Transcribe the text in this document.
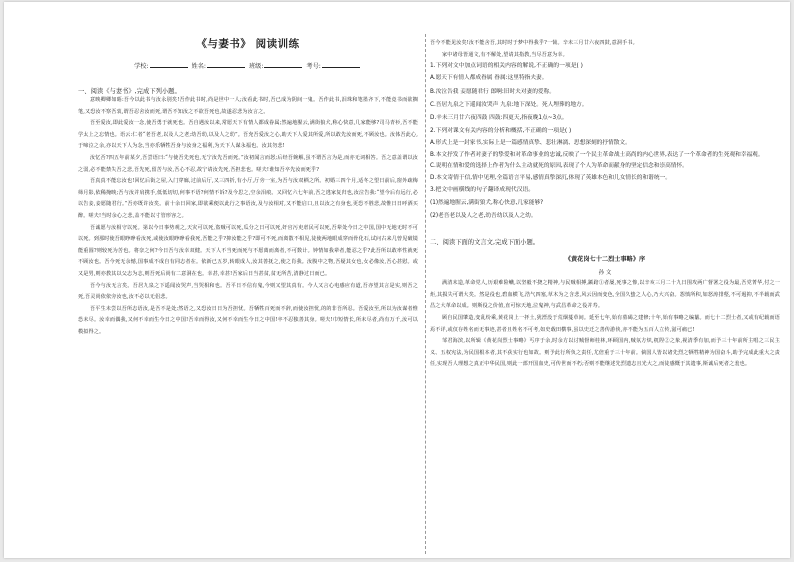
《与妻书》 阅读训练
学校:	姓名:	班级:	考号:
一、阅读《与妻书》,完成下列小题。

意映卿卿如晤:吾今以此书与汝永别矣!吾作此书时,尚是世中一人;汝看此书时,吾已成为阴间一鬼。吾作此书,泪珠和笔墨齐下,不能竟书而欲搁笔,又恐汝不察吾衷,谓吾忍舍汝而死,谓吾不知汝之不欲吾死也,故遂忍悲为汝言之。

吾至爱汝,即此爱汝一念,使吾勇于就死也。吾自遇汝以来,常愿天下有情人都成眷属;然遍地腥云,满街狼犬,称心快意,几家能够?司马青衫,吾不能学太上之忘情也。语云:仁者“老吾老,以及人之老;幼吾幼,以及人之幼”。吾充吾爱汝之心,助天下人爱其所爱,所以敢先汝而死,不顾汝也。汝体吾此心,于啼泣之余,亦以天下人为念,当亦乐牺牲吾身与汝身之福利,为天下人谋永福也。汝其勿悲!

汝忆否?四五年前某夕,吾尝语曰:“与使吾先死也,无宁汝先吾而死。”汝初闻言而怒;后经吾婉解,虽不谓吾言为是,而亦无词相答。吾之意盖谓以汝之弱,必不能禁失吾之悲,吾先死,留苦与汝,吾心不忍,故宁请汝先死,吾担悲也。嗟夫!谁知吾卒先汝而死乎?

吾真真不能忘汝也!回忆后街之屋,入门穿廊,过前后厅,又三四折,有小厅,厅旁一室,为吾与汝双栖之所。初婚三四个月,适冬之望日前后,窗外疏梅筛月影,依稀掩映;吾与汝并肩携手,低低切切,何事不语?何情不诉?及今思之,空余泪痕。又回忆六七年前,吾之逃家复归也,汝泣告我:“望今后有远行,必以告妾,妾愿随君行。”吾亦既许汝矣。前十余日回家,即欲乘便以此行之事语汝,及与汝相对,又不能启口,且以汝之有身也,更恐不胜悲,故惟日日呼酒买醉。嗟夫!当时余心之悲,盖不能以寸管形容之。

吾诚愿与汝相守以死。第以今日事势观之,天灾可以死,盗贼可以死,瓜分之日可以死,奸官污吏虐民可以死,吾辈处今日之中国,国中无地无时不可以死。到那时使吾眼睁睁看汝死,或使汝眼睁睁看我死,吾能之乎?抑汝能之乎?即可不死,而离散不相见,徒使两地眼成穿而骨化石,试问古来几曾见破镜能重圆?则较死为苦也。将奈之何?今日吾与汝幸双健。天下人不当死而死与不愿离而离者,不可数计。钟情如我辈者,能忍之乎?此吾所以敢率性就死不顾汝也。吾今死无余憾,国事成不成自有同志者在。依新已五岁,转眼成人,汝其善抚之,使之肖我。汝腹中之物,吾疑其女也,女必像汝,吾心甚慰。或又是男,则亦教其以父志为志,则吾死后尚有二意洞在也。幸甚,幸甚!吾家后日当甚贫,贫无所苦,清静过日而已。

吾今与汝无言矣。吾居九泉之下遥闻汝哭声,当哭相和也。吾平日不信有鬼,今则又望其真有。今人又言心电感应有道,吾亦望其言是实,则吾之死,吾灵尚依依旁汝也,汝不必以无侣悲。

吾平生未尝以吾所志语汝,是吾不是处;然语之,又恐汝日日为吾担忧。吾牺牲百死而不辞,而使汝担忧,的的非吾所忍。吾爱汝至,所以为汝谋者惟恐未尽。汝幸而偶我,又何不幸而生今日之中国!吾幸而得汝,又何不幸而生今日之中国!卒不忍独善其身。嗟夫!巾短情长,所未尽者,尚有万千,汝可以模拟得之。

吾今不能见汝矣!汝不能舍吾,其时时于梦中得我乎?一恸。辛未三月廿六夜四鼓,意洞手书。

家中诸母皆通文,有不解处,望请其指教,当尽吾意为幸。

1.下列对文中加点词语的相关内容的解说,不正确的一项是( )

A.愿天下有情人都成眷属 眷属:这里特指夫妻。

B.汝泣告我 妾愿随君行 郎啊:旧时夫对妻的爱称。

C.吾居九泉之下遥闻汝哭声 九泉:地下深处。死人埋葬的地方。

D.辛未三月廿六夜四鼓 四鼓:四更天,指夜晚1点~3点。

2.下列对课文有关内容的分析和概括,不正确的一项是( )

A.形式上是一封家书,实际上是一篇感情真挚、悲壮淋漓、思想深刻的抒情散文。

B.本文抒发了作者对妻子的挚爱和对革命事业的忠诚,反映了一个民主革命战士高尚的内心世界,表达了一个革命者的生死观和幸福观。

C.说明在情和爱的选择上作者为什么主动就死的原因,表现了个人为革命而献身的坚定信念和崇高情怀。

D.本文寄情于信,情中见理,全篇语言平易,感情真挚深沉,体现了英雄本色和儿女情长的和谐统一。

3.把文中画横线的句子翻译成现代汉语。

(1)然遍地腥云,满街狼犬,称心快意,几家能够?

(2)老吾老以及人之老,幼吾幼以及人之幼。

二、阅读下面的文言文,完成下面小题。
《黄花岗七十二烈士事略》序
孙 文

满清末造,革命党人,历艰难险巇,以坚毅不挠之精神,与民贼相搏,踬踣①者屡,死事之惨,以辛亥三月二十九日围攻两广督署之役为最,吾党菁华,付之一炬,其损失可谓大矣。然是役也,碧血横飞,浩气四塞,草木为之含悲,风云因而变色,全国久蛰之人心,乃大兴奋。怨愤所积,如怒涛排壑,不可遏抑,不半载而武昌之大革命以成。则斯役之价值,直可惊天地,泣鬼神,与武昌革命之役并寿。

顾自民国肇造,变乱纷乘,黄花岗上一抔土,犹湮没于荒烟蔓草间。延至七年,始有墓碣之建修;十年,始有事略之编纂。而七十二烈士者,又或有纪载而语焉不详,或仅存姓名而无事迹,甚者且姓名不可考,如史载田横事,虽以史迁之善传游侠,亦不能为五百人立传,滋可痛已!

邹君海滨,以所辑《黄花岗烈士事略》丐序于余,时余方以讨贼督师桂林,环顾国内,贼氛方炽,杌陧②之象,视清季有加,而予三十年前所主唱之三民主义、五权宪法,为民国根本者,其不获实行也如故。则予此行所负之责任,尤倍重于三十年前。倘国人皆以诸先烈之牺牲精神为国奋斗,助予完成此重大之责任,实现吾人理想之真正中华民国,则此一部开国血史,可传世而不朽;否则不能继述先烈遗志且光大之,而徒感慨于其遗事,斯诚后死者之羞也。
